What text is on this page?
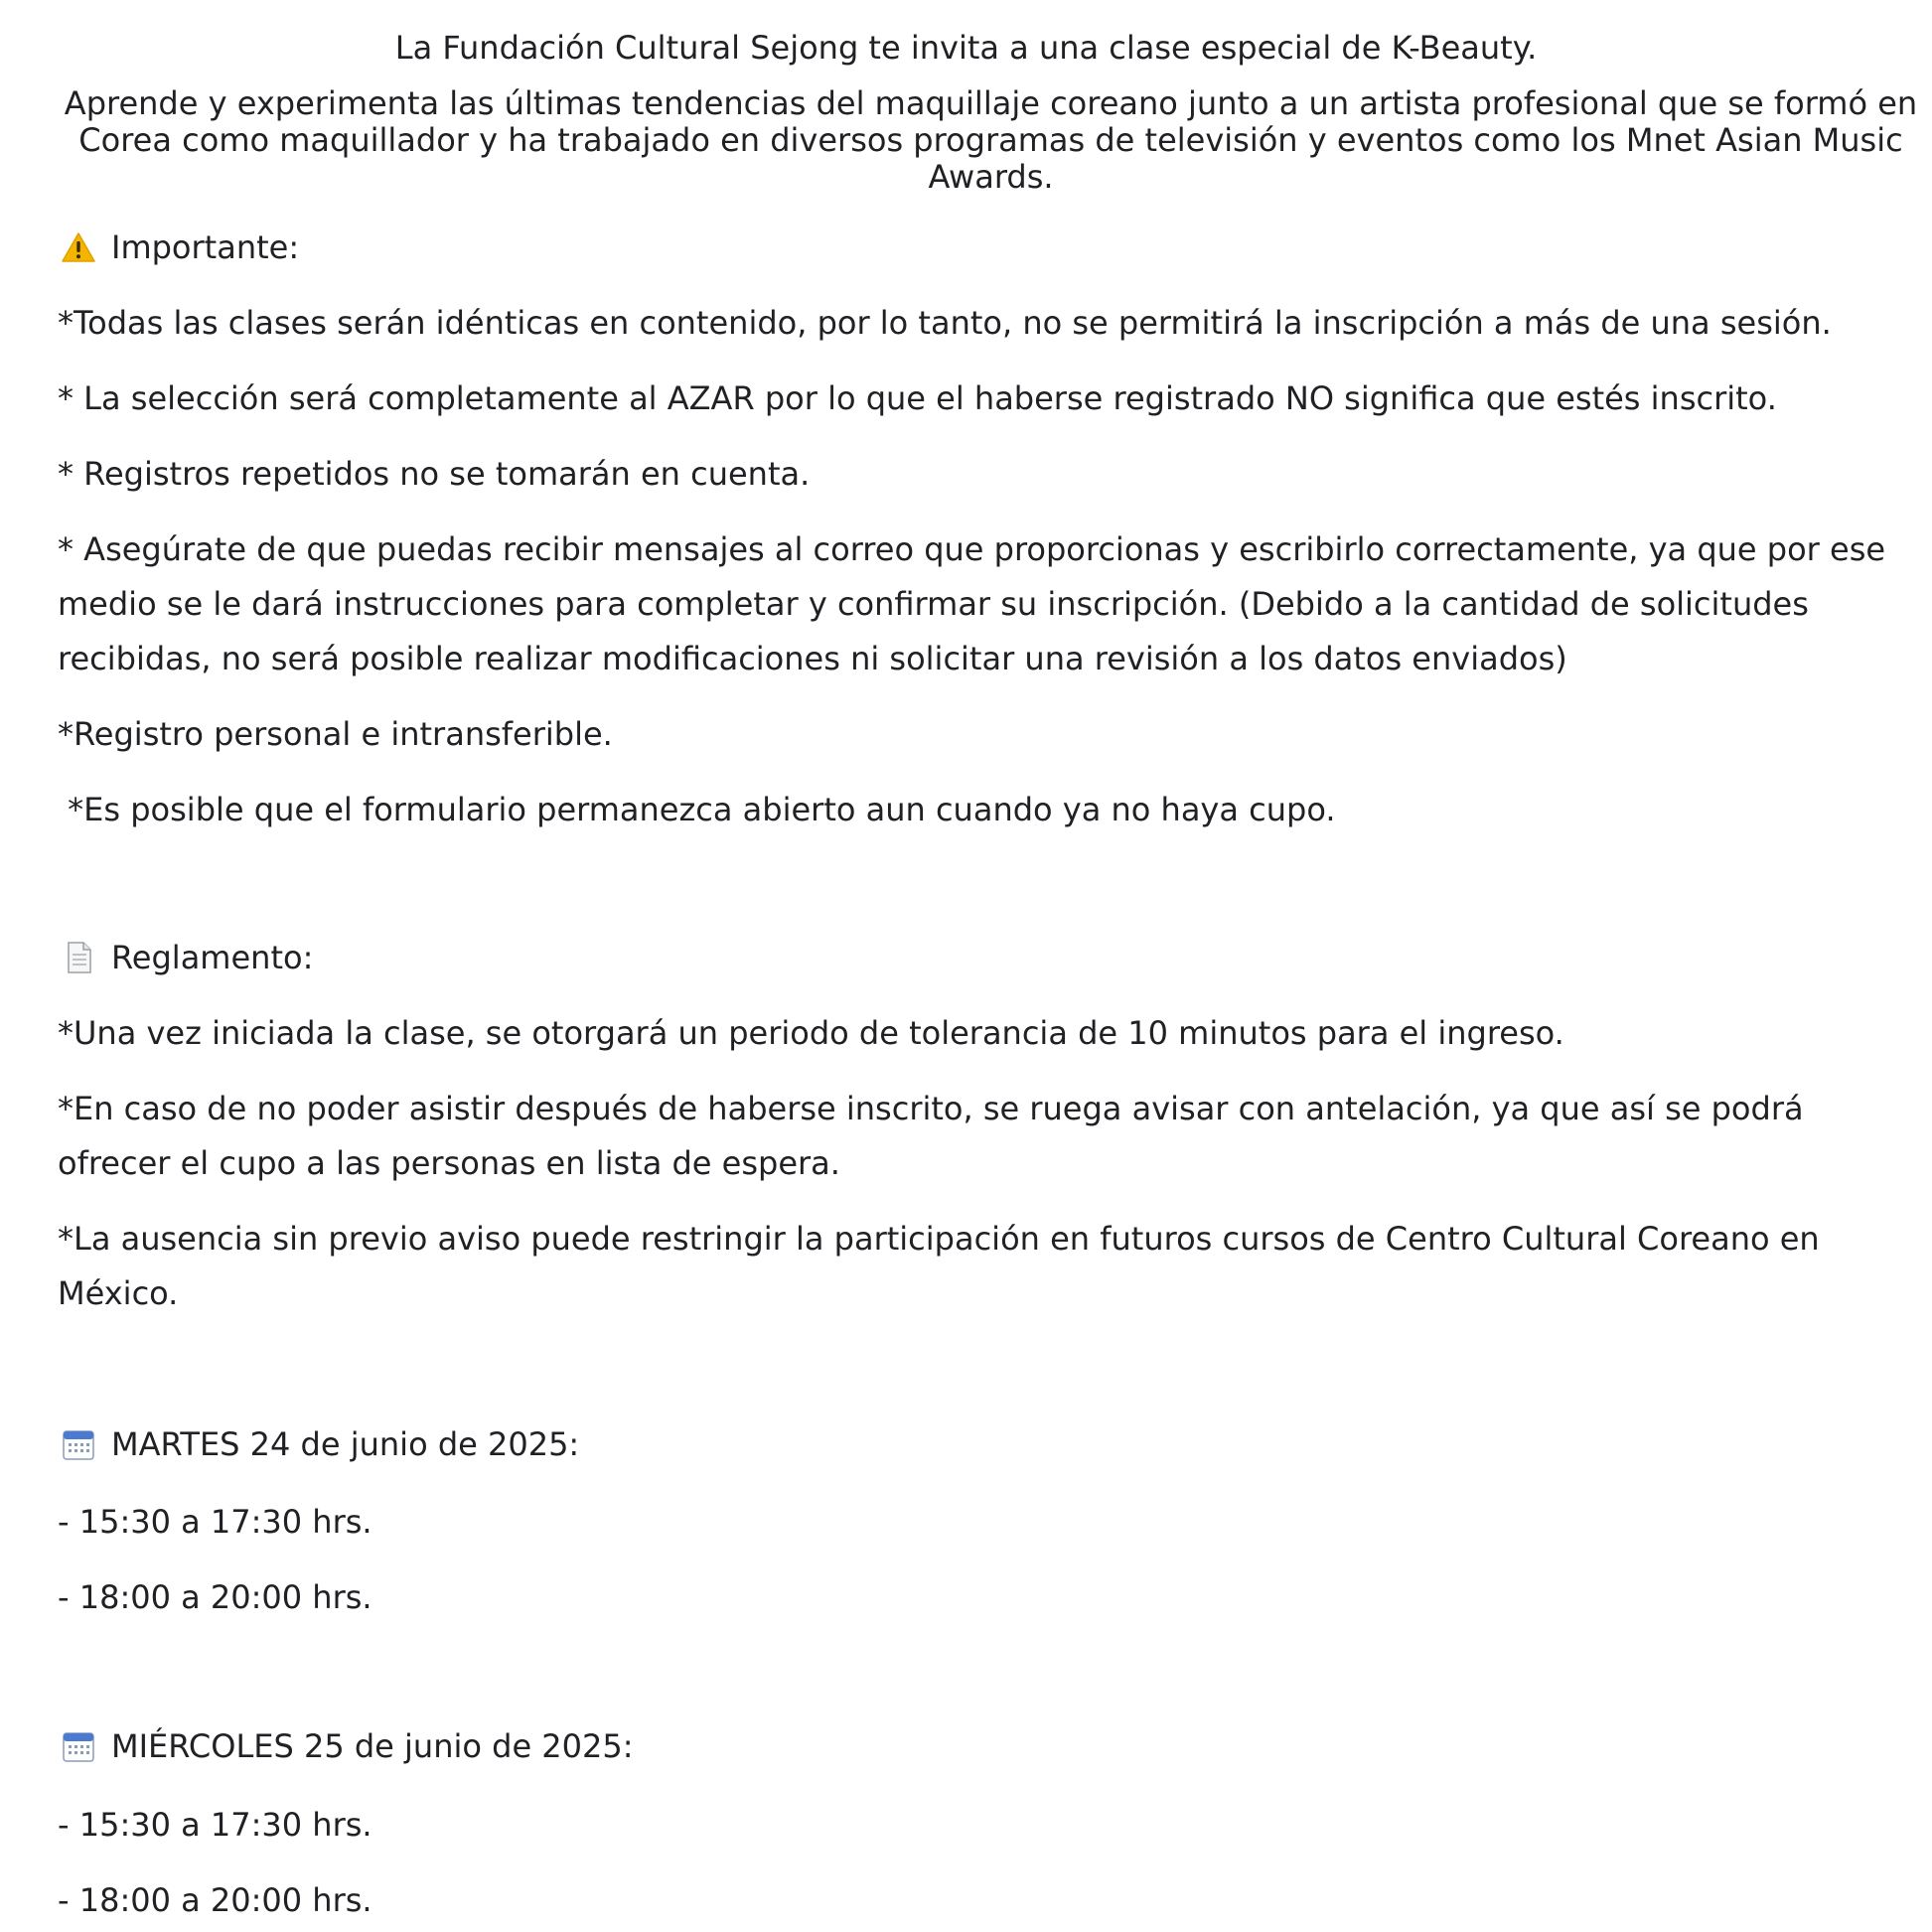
La Fundación Cultural Sejong te invita a una clase especial de K-Beauty.
Aprende y experimenta las últimas tendencias del maquillaje coreano junto a un artista profesional que se formó en Corea como maquillador y ha trabajado en diversos programas de televisión y eventos como los Mnet Asian Music Awards.
Importante:
*Todas las clases serán idénticas en contenido, por lo tanto, no se permitirá la inscripción a más de una sesión.
* La selección será completamente al AZAR por lo que el haberse registrado NO significa que estés inscrito.
* Registros repetidos no se tomarán en cuenta.
* Asegúrate de que puedas recibir mensajes al correo que proporcionas y escribirlo correctamente, ya que por ese medio se le dará instrucciones para completar y confirmar su inscripción. (Debido a la cantidad de solicitudes recibidas, no será posible realizar modificaciones ni solicitar una revisión a los datos enviados)
*Registro personal e intransferible.
*Es posible que el formulario permanezca abierto aun cuando ya no haya cupo.
Reglamento:
*Una vez iniciada la clase, se otorgará un periodo de tolerancia de 10 minutos para el ingreso.
*En caso de no poder asistir después de haberse inscrito, se ruega avisar con antelación, ya que así se podrá ofrecer el cupo a las personas en lista de espera.
*La ausencia sin previo aviso puede restringir la participación en futuros cursos de Centro Cultural Coreano en México.
MARTES 24 de junio de 2025:
- 15:30 a 17:30 hrs.
- 18:00 a 20:00 hrs.
MIÉRCOLES 25 de junio de 2025:
- 15:30 a 17:30 hrs.
- 18:00 a 20:00 hrs.
